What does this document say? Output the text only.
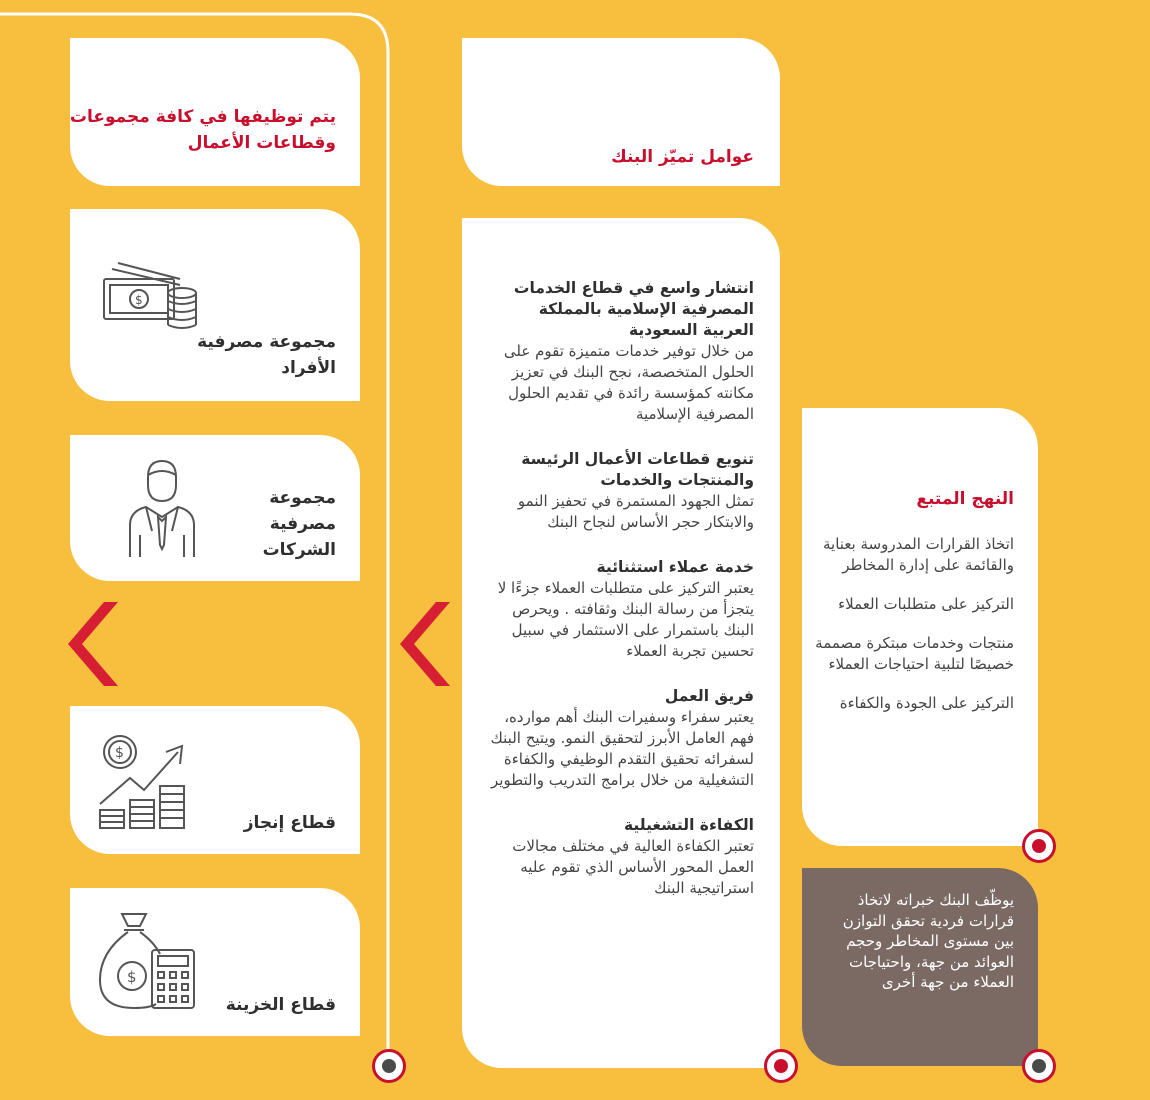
يتم توظيفها في كافة مجموعات وقطاعات الأعمال
$
مجموعة مصرفية الأفراد
مجموعة مصرفية الشركات
$
قطاع إنجاز
$
قطاع الخزينة
عوامل تميّز البنك
انتشار واسع في قطاع الخدمات المصرفية الإسلامية بالمملكة العربية السعودية
من خلال توفير خدمات متميزة تقوم على الحلول المتخصصة، نجح البنك في تعزيز مكانته كمؤسسة رائدة في تقديم الحلول المصرفية الإسلامية
تنويع قطاعات الأعمال الرئيسة والمنتجات والخدمات
تمثل الجهود المستمرة في تحفيز النمو والابتكار حجر الأساس لنجاح البنك
خدمة عملاء استثنائية
يعتبر التركيز على متطلبات العملاء جزءًا لا يتجزأ من رسالة البنك وثقافته . ويحرص البنك باستمرار على الاستثمار في سبيل تحسين تجربة العملاء
فريق العمل
يعتبر سفراء وسفيرات البنك أهم موارده، فهم العامل الأبرز لتحقيق النمو. ويتيح البنك لسفرائه تحقيق التقدم الوظيفي والكفاءة التشغيلية من خلال برامج التدريب والتطوير
الكفاءة التشغيلية
تعتبر الكفاءة العالية في مختلف مجالات العمل المحور الأساس الذي تقوم عليه استراتيجية البنك
النهج المتبع
اتخاذ القرارات المدروسة بعناية والقائمة على إدارة المخاطر
التركيز على متطلبات العملاء
منتجات وخدمات مبتكرة مصممة خصيصًا لتلبية احتياجات العملاء
التركيز على الجودة والكفاءة
يوظّف البنك خبراته لاتخاذ قرارات فردية تحقق التوازن بين مستوى المخاطر وحجم العوائد من جهة، واحتياجات العملاء من جهة أخرى
